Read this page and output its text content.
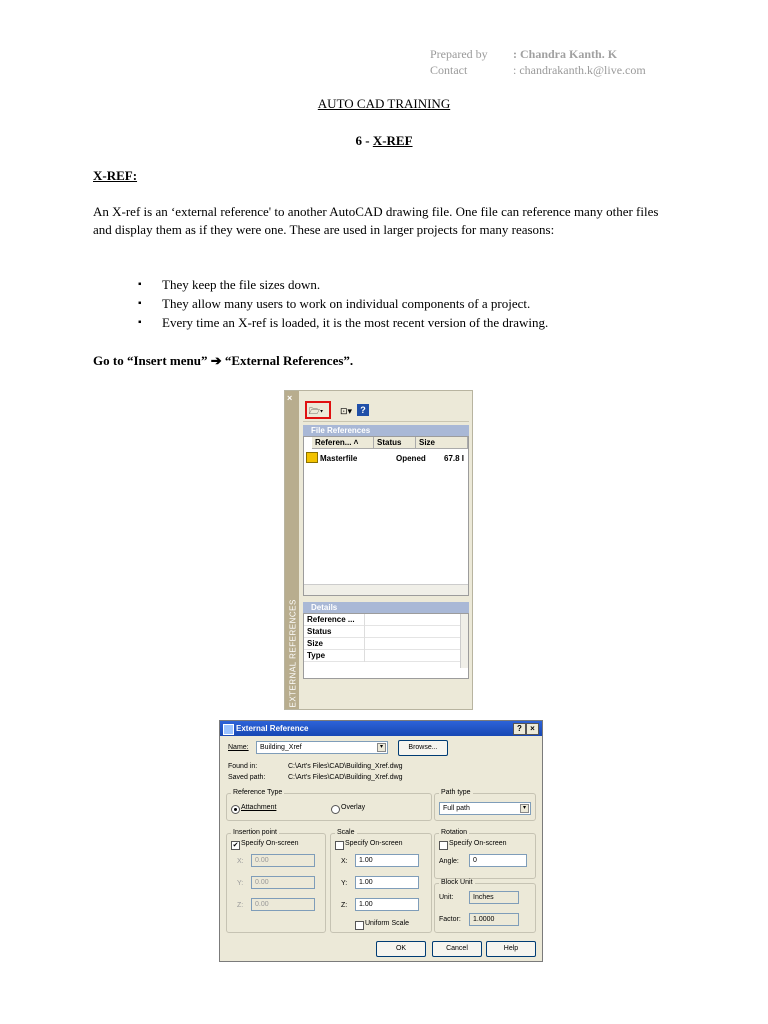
Prepared by : Chandra Kanth. K
Contact	: chandrakanth.k@live.com
AUTO CAD TRAINING
6 - X-REF
X-REF:
An X-ref is an ‘external reference' to another AutoCAD drawing file. One file can reference many other files and display them as if they were one. These are used in larger projects for many reasons:
▪ They keep the file sizes down.
▪ They allow many users to work on individual components of a project.
▪ Every time an X-ref is loaded, it is the most recent version of the drawing.
Go to “Insert menu” ➔ “External References”.
EXTERNAL REFERENCES
×
🗁▾	⊡▾ ?
File References
Referen... ˄	Status	Size
Masterfile	Opened 67.8 I
Details
Reference ...
Status
Size
Type
External Reference	?	×
Name:	Building_Xref	▾	Browse...
Found in:	C:\Art's Files\CAD\Building_Xref.dwg
Saved path:	C:\Art's Files\CAD\Building_Xref.dwg
Reference Type
Attachment	Overlay
Path type
Full path	▾
Insertion point
✔ Specify On-screen
X:	0.00
Y:	0.00
Z:	0.00
Scale
Specify On-screen
X:	1.00
Y:	1.00
Z:	1.00
Uniform Scale
Rotation
Specify On-screen
Angle:	0
Block Unit
Unit:	Inches
Factor:	1.0000
OK	Cancel	Help
